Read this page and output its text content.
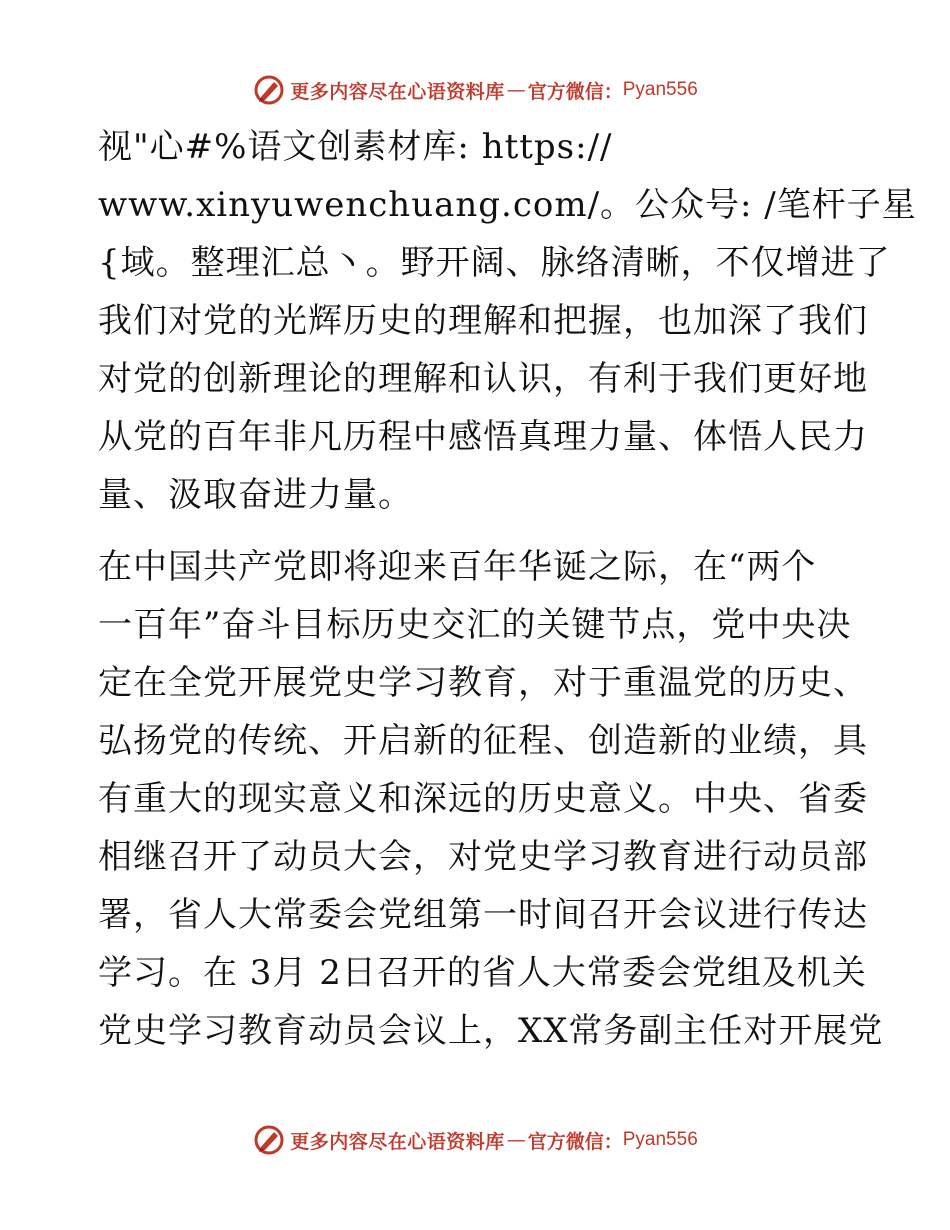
更多内容尽在心语资料库 — 官方微信： Pyan556
视"心#%语文创素材库: https://
www.xinyuwenchuang.com/。公众号: /笔杆子星
{域。整理汇总丶。野开阔、脉络清晰，不仅增进了
我们对党的光辉历史的理解和把握，也加深了我们
对党的创新理论的理解和认识，有利于我们更好地
从党的百年非凡历程中感悟真理力量、体悟人民力
量、汲取奋进力量。
在中国共产党即将迎来百年华诞之际，在“两个
一百年”奋斗目标历史交汇的关键节点，党中央决
定在全党开展党史学习教育，对于重温党的历史、
弘扬党的传统、开启新的征程、创造新的业绩，具
有重大的现实意义和深远的历史意义。中央、省委
相继召开了动员大会，对党史学习教育进行动员部
署，省人大常委会党组第一时间召开会议进行传达
学习。在 3月 2日召开的省人大常委会党组及机关
党史学习教育动员会议上，XX常务副主任对开展党
更多内容尽在心语资料库 — 官方微信： Pyan556
